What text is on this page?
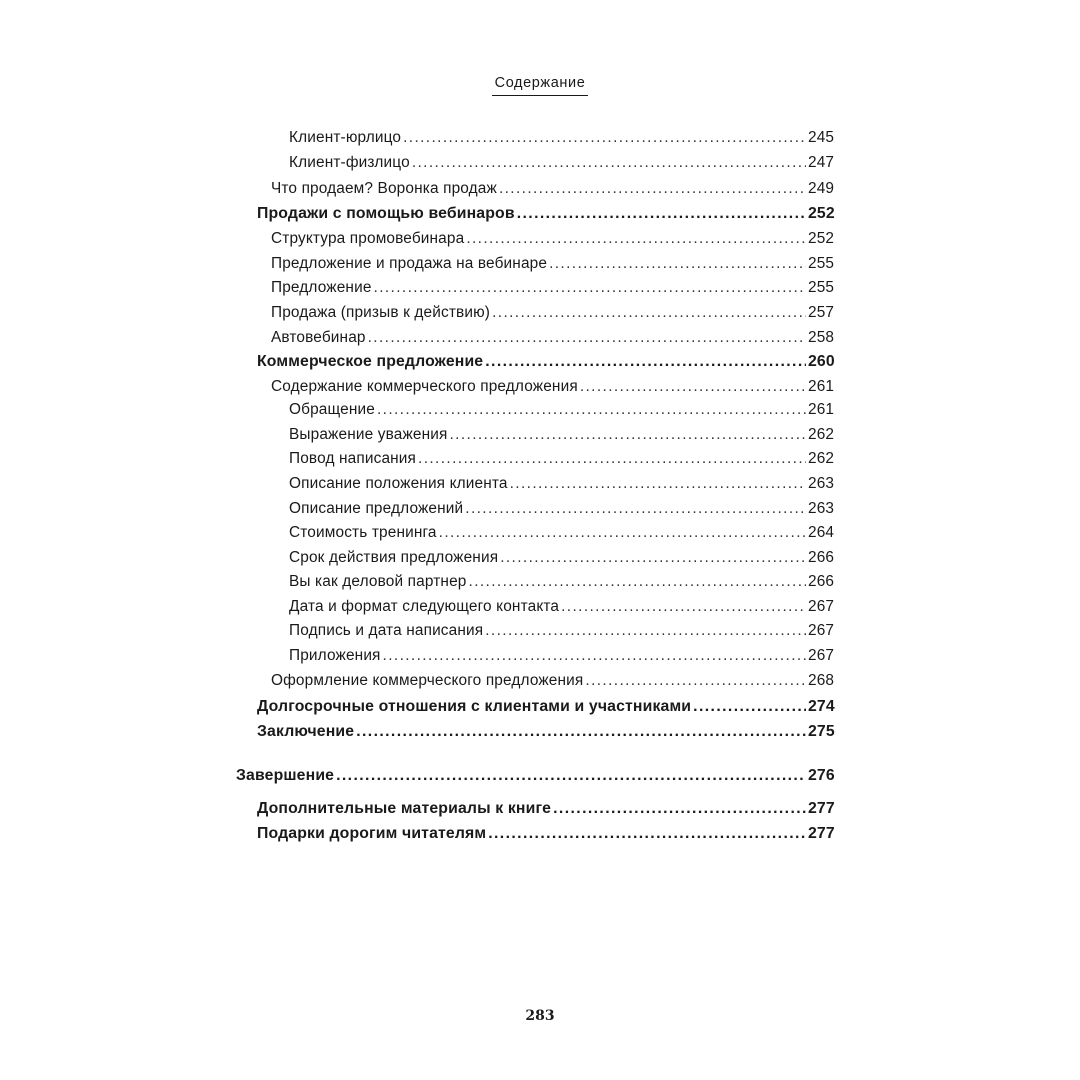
Содержание
Клиент-юрлицо .....	245
Клиент-физлицо .....	247
Что продаем? Воронка продаж .....	249
Продажи с помощью вебинаров .....	252
Структура промовебинара .....	252
Предложение и продажа на вебинаре .....	255
Предложение .....	255
Продажа (призыв к действию) .....	257
Автовебинар .....	258
Коммерческое предложение .....	260
Содержание коммерческого предложения .....	261
Обращение .....	261
Выражение уважения .....	262
Повод написания .....	262
Описание положения клиента .....	263
Описание предложений .....	263
Стоимость тренинга .....	264
Срок действия предложения .....	266
Вы как деловой партнер .....	266
Дата и формат следующего контакта .....	267
Подпись и дата написания .....	267
Приложения .....	267
Оформление коммерческого предложения .....	268
Долгосрочные отношения с клиентами и участниками .....	274
Заключение .....	275
Завершение .....	276
Дополнительные материалы к книге .....	277
Подарки дорогим читателям .....	277
283
